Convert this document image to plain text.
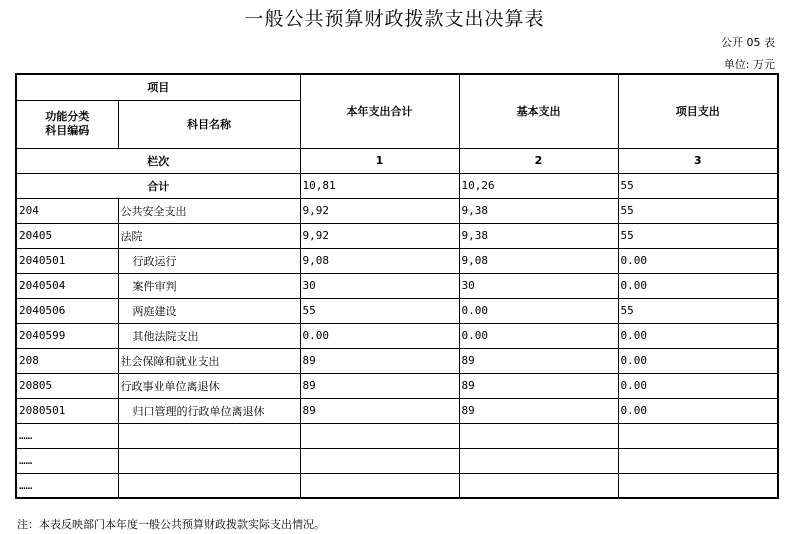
一般公共预算财政拨款支出决算表
公开 05 表
单位: 万元
项目		本年支出合计	基本支出	项目支出
功能分类
科目编码	科目名称			
栏次		1	2	3
合计		10,81	10,26	55
204	公共安全支出	9,92	9,38	55
20405	法院	9,92	9,38	55
2040501	行政运行	9,08	9,08	0.00
2040504	案件审判	30	30	0.00
2040506	两庭建设	55	0.00	55
2040599	其他法院支出	0.00	0.00	0.00
208	社会保障和就业支出	89	89	0.00
20805	行政事业单位离退休	89	89	0.00
2080501	归口管理的行政单位离退休	89	89	0.00
……				
……				
……				
注：本表反映部门本年度一般公共预算财政拨款实际支出情况。
